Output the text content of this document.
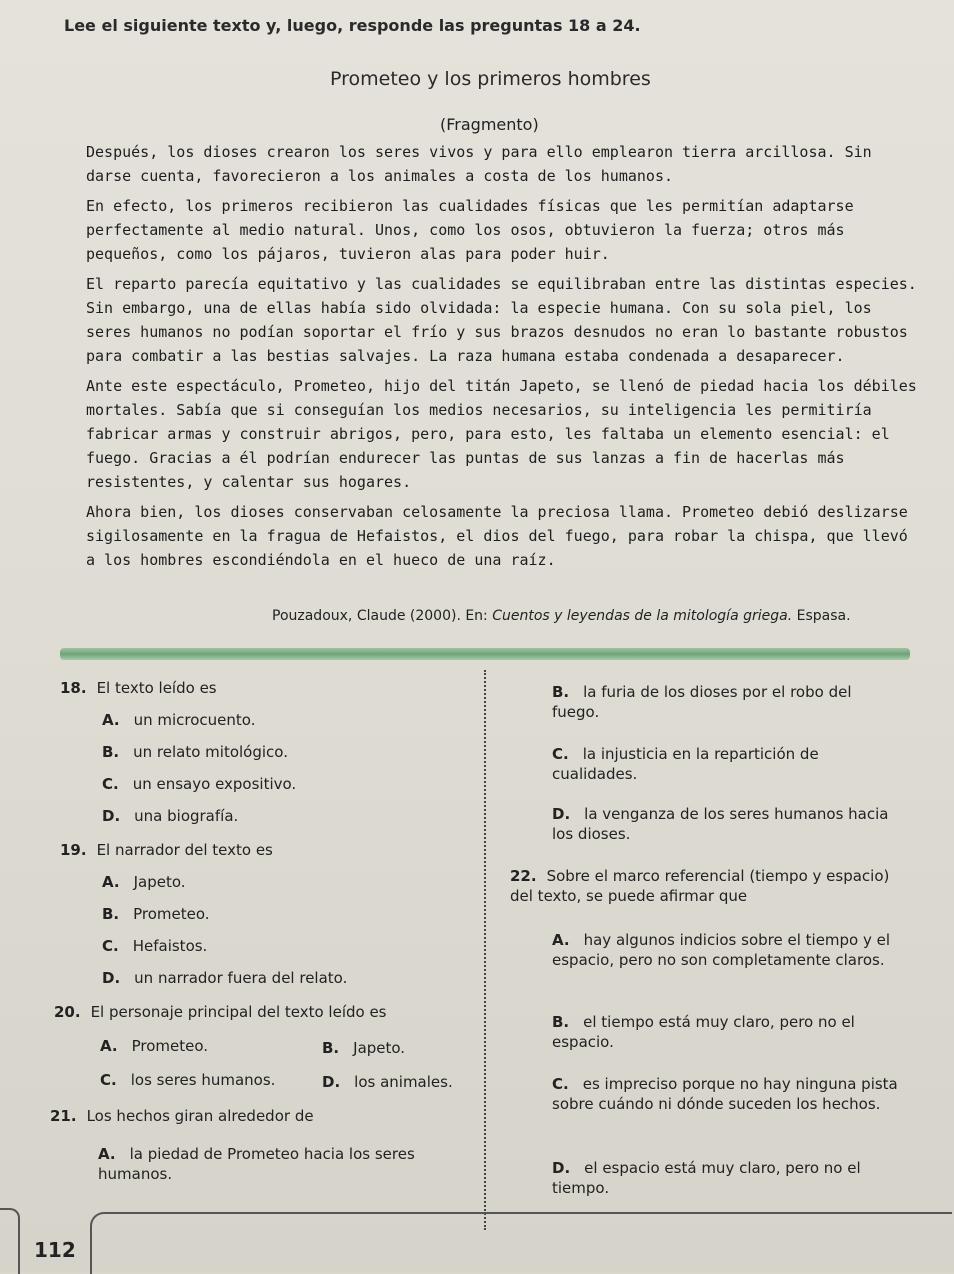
Lee el siguiente texto y, luego, responde las preguntas 18 a 24.
Prometeo y los primeros hombres
(Fragmento)

Después, los dioses crearon los seres vivos y para ello emplearon tierra arcillosa. Sin darse cuenta, favorecieron a los animales a costa de los humanos.

En efecto, los primeros recibieron las cualidades físicas que les permitían adaptarse perfectamente al medio natural. Unos, como los osos, obtuvieron la fuerza; otros más pequeños, como los pájaros, tuvieron alas para poder huir.

El reparto parecía equitativo y las cualidades se equilibraban entre las distintas especies. Sin embargo, una de ellas había sido olvidada: la especie humana. Con su sola piel, los seres humanos no podían soportar el frío y sus brazos desnudos no eran lo bastante robustos para combatir a las bestias salvajes. La raza humana estaba condenada a desaparecer.

Ante este espectáculo, Prometeo, hijo del titán Japeto, se llenó de piedad hacia los débiles mortales. Sabía que si conseguían los medios necesarios, su inteligencia les permitiría fabricar armas y construir abrigos, pero, para esto, les faltaba un elemento esencial: el fuego. Gracias a él podrían endurecer las puntas de sus lanzas a fin de hacerlas más resistentes, y calentar sus hogares.

Ahora bien, los dioses conservaban celosamente la preciosa llama. Prometeo debió deslizarse sigilosamente en la fragua de Hefaistos, el dios del fuego, para robar la chispa, que llevó a los hombres escondiéndola en el hueco de una raíz.

Pouzadoux, Claude (2000). En: Cuentos y leyendas de la mitología griega. Espasa.
18. El texto leído es
A. un microcuento.
B. un relato mitológico.
C. un ensayo expositivo.
D. una biografía.
19. El narrador del texto es
A. Japeto.
B. Prometeo.
C. Hefaistos.
D. un narrador fuera del relato.
20. El personaje principal del texto leído es
A. Prometeo.	B. Japeto.
C. los seres humanos.	D. los animales.
21. Los hechos giran alrededor de
A. la piedad de Prometeo hacia los seres humanos.
B. la furia de los dioses por el robo del fuego.
C. la injusticia en la repartición de cualidades.
D. la venganza de los seres humanos hacia los dioses.
22. Sobre el marco referencial (tiempo y espacio) del texto, se puede afirmar que
A. hay algunos indicios sobre el tiempo y el espacio, pero no son completamente claros.
B. el tiempo está muy claro, pero no el espacio.
C. es impreciso porque no hay ninguna pista sobre cuándo ni dónde suceden los hechos.
D. el espacio está muy claro, pero no el tiempo.
112
